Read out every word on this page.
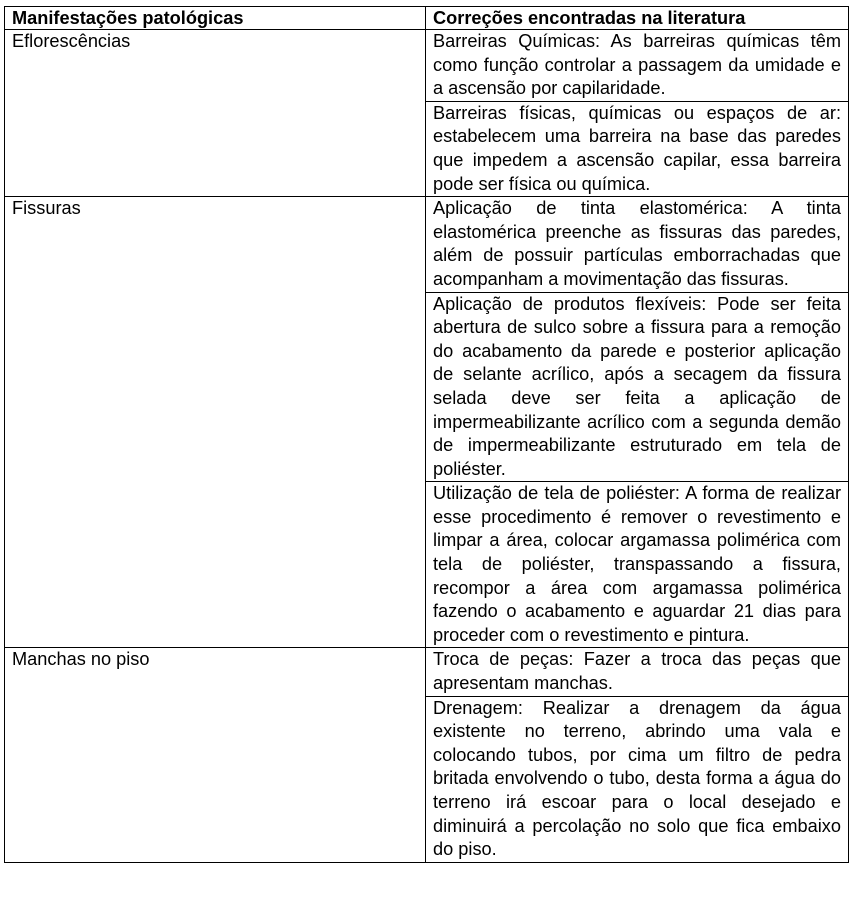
Manifestações patológicas	Correções encontradas na literatura
Eflorescências	Barreiras Químicas: As barreiras químicas têm como função controlar a passagem da umidade e a ascensão por capilaridade.
	Barreiras físicas, químicas ou espaços de ar: estabelecem uma barreira na base das paredes que impedem a ascensão capilar, essa barreira pode ser física ou química.
Fissuras	Aplicação de tinta elastomérica: A tinta elastomérica preenche as fissuras das paredes, além de possuir partículas emborrachadas que acompanham a movimentação das fissuras.
	Aplicação de produtos flexíveis: Pode ser feita abertura de sulco sobre a fissura para a remoção do acabamento da parede e posterior aplicação de selante acrílico, após a secagem da fissura selada deve ser feita a aplicação de impermeabilizante acrílico com a segunda demão de impermeabilizante estruturado em tela de poliéster.
	Utilização de tela de poliéster: A forma de realizar esse procedimento é remover o revestimento e limpar a área, colocar argamassa polimérica com tela de poliéster, transpassando a fissura, recompor a área com argamassa polimérica fazendo o acabamento e aguardar 21 dias para proceder com o revestimento e pintura.
Manchas no piso	Troca de peças: Fazer a troca das peças que apresentam manchas.
	Drenagem: Realizar a drenagem da água existente no terreno, abrindo uma vala e colocando tubos, por cima um filtro de pedra britada envolvendo o tubo, desta forma a água do terreno irá escoar para o local desejado e diminuirá a percolação no solo que fica embaixo do piso.
